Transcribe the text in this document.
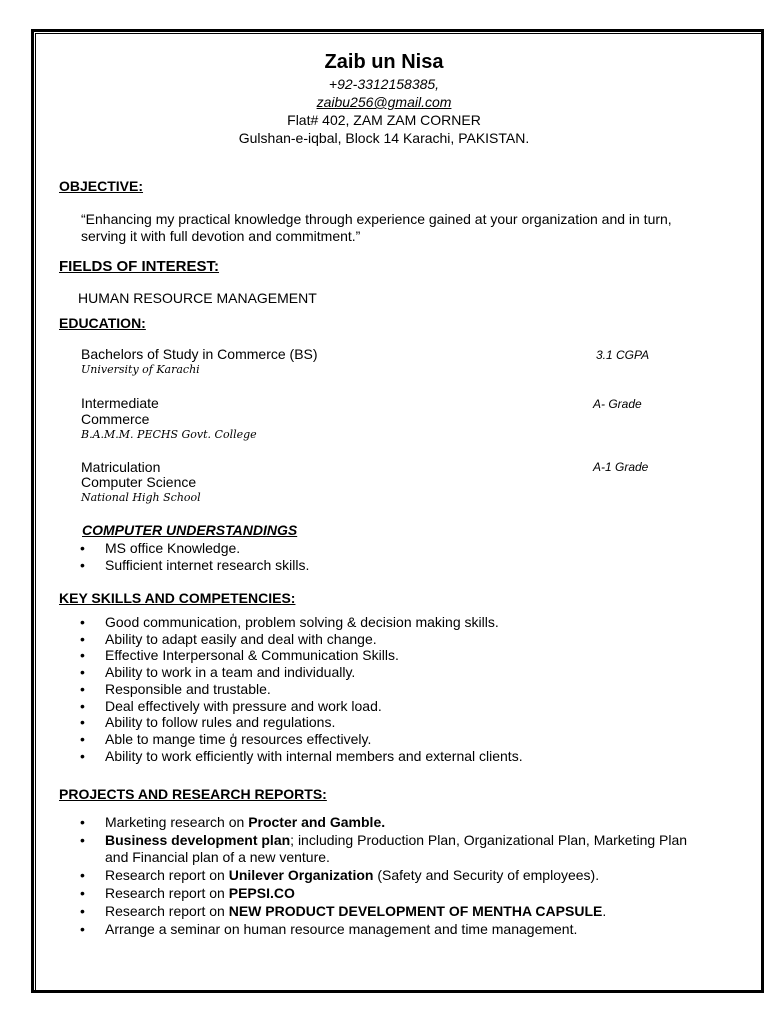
Zaib un Nisa
+92-3312158385,
zaibu256@gmail.com
Flat# 402, ZAM ZAM CORNER
Gulshan-e-iqbal, Block 14 Karachi, PAKISTAN.
OBJECTIVE:
“Enhancing my practical knowledge through experience gained at your organization and in turn,
serving it with full devotion and commitment.”
FIELDS OF INTEREST:
HUMAN RESOURCE MANAGEMENT
EDUCATION:
Bachelors of Study in Commerce (BS)
University of Karachi
3.1 CGPA
Intermediate
Commerce
B.A.M.M. PECHS Govt. College
A- Grade
Matriculation
Computer Science
National High School
A-1 Grade
COMPUTER UNDERSTANDINGS
• MS office Knowledge.
• Sufficient internet research skills.
KEY SKILLS AND COMPETENCIES:
• Good communication, problem solving & decision making skills.
• Ability to adapt easily and deal with change.
• Effective Interpersonal & Communication Skills.
• Ability to work in a team and individually.
• Responsible and trustable.
• Deal effectively with pressure and work load.
• Ability to follow rules and regulations.
• Able to mange time ģ resources effectively.
• Ability to work efficiently with internal members and external clients.
PROJECTS AND RESEARCH REPORTS:
• Marketing research on Procter and Gamble.
• Business development plan; including Production Plan, Organizational Plan, Marketing Plan and Financial plan of a new venture.
• Research report on Unilever Organization (Safety and Security of employees).
• Research report on PEPSI.CO
• Research report on NEW PRODUCT DEVELOPMENT OF MENTHA CAPSULE.
• Arrange a seminar on human resource management and time management.
